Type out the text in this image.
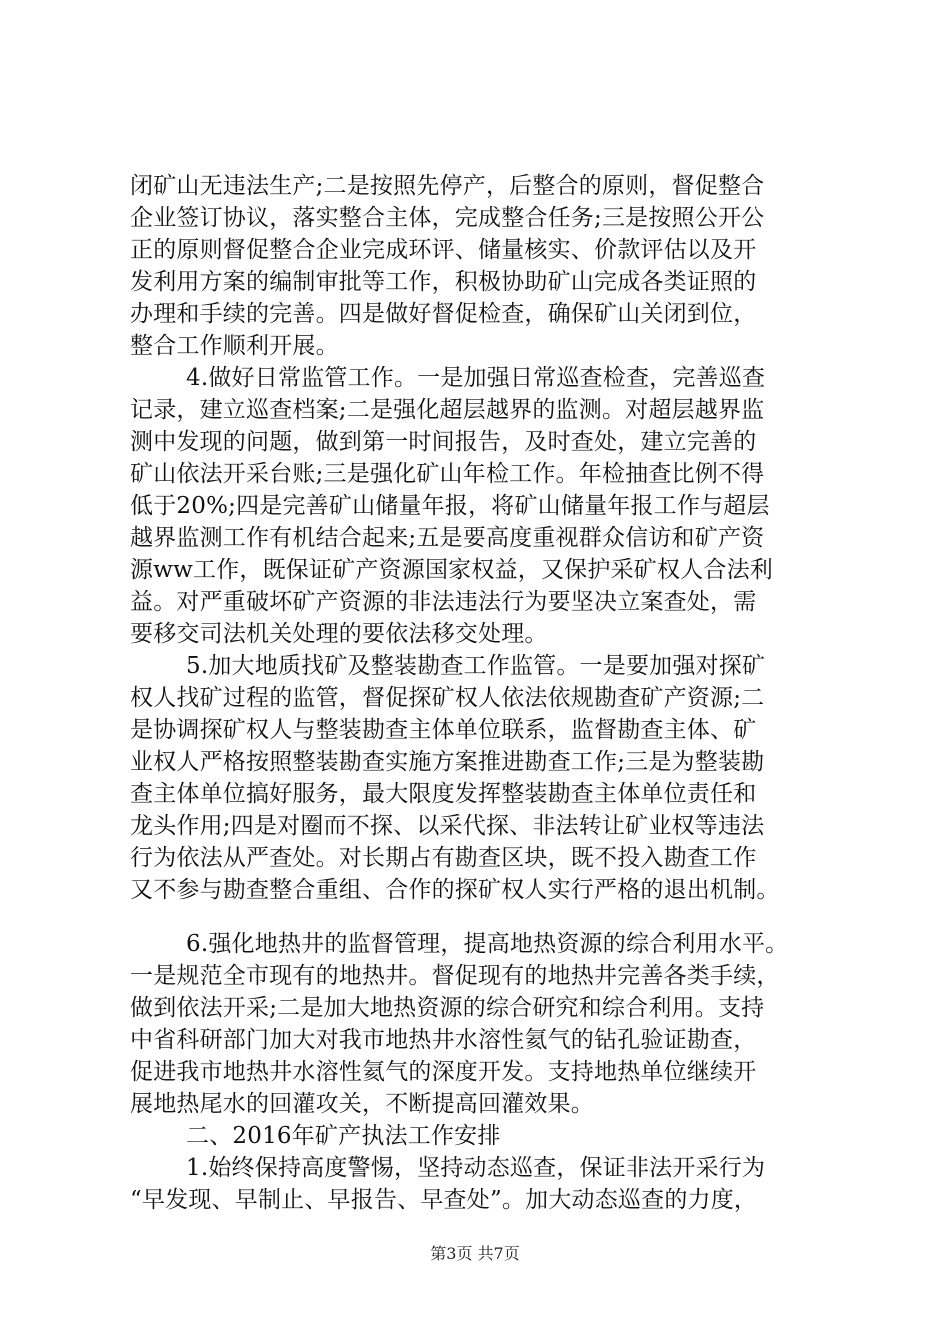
闭矿山无违法生产;二是按照先停产，后整合的原则，督促整合
企业签订协议，落实整合主体，完成整合任务;三是按照公开公
正的原则督促整合企业完成环评、储量核实、价款评估以及开
发利用方案的编制审批等工作，积极协助矿山完成各类证照的
办理和手续的完善。四是做好督促检查，确保矿山关闭到位，
整合工作顺利开展。
4.做好日常监管工作。一是加强日常巡查检查，完善巡查
记录，建立巡查档案;二是强化超层越界的监测。对超层越界监
测中发现的问题，做到第一时间报告，及时查处，建立完善的
矿山依法开采台账;三是强化矿山年检工作。年检抽查比例不得
低于20%;四是完善矿山储量年报，将矿山储量年报工作与超层
越界监测工作有机结合起来;五是要高度重视群众信访和矿产资
源ww工作，既保证矿产资源国家权益，又保护采矿权人合法利
益。对严重破坏矿产资源的非法违法行为要坚决立案查处，需
要移交司法机关处理的要依法移交处理。
5.加大地质找矿及整装勘查工作监管。一是要加强对探矿
权人找矿过程的监管，督促探矿权人依法依规勘查矿产资源;二
是协调探矿权人与整装勘查主体单位联系，监督勘查主体、矿
业权人严格按照整装勘查实施方案推进勘查工作;三是为整装勘
查主体单位搞好服务，最大限度发挥整装勘查主体单位责任和
龙头作用;四是对圈而不探、以采代探、非法转让矿业权等违法
行为依法从严查处。对长期占有勘查区块，既不投入勘查工作
又不参与勘查整合重组、合作的探矿权人实行严格的退出机制。
6.强化地热井的监督管理，提高地热资源的综合利用水平。
一是规范全市现有的地热井。督促现有的地热井完善各类手续，
做到依法开采;二是加大地热资源的综合研究和综合利用。支持
中省科研部门加大对我市地热井水溶性氦气的钻孔验证勘查，
促进我市地热井水溶性氦气的深度开发。支持地热单位继续开
展地热尾水的回灌攻关，不断提高回灌效果。
二、2016年矿产执法工作安排
1.始终保持高度警惕，坚持动态巡查，保证非法开采行为
“早发现、早制止、早报告、早查处”。加大动态巡查的力度，
第3页 共7页
